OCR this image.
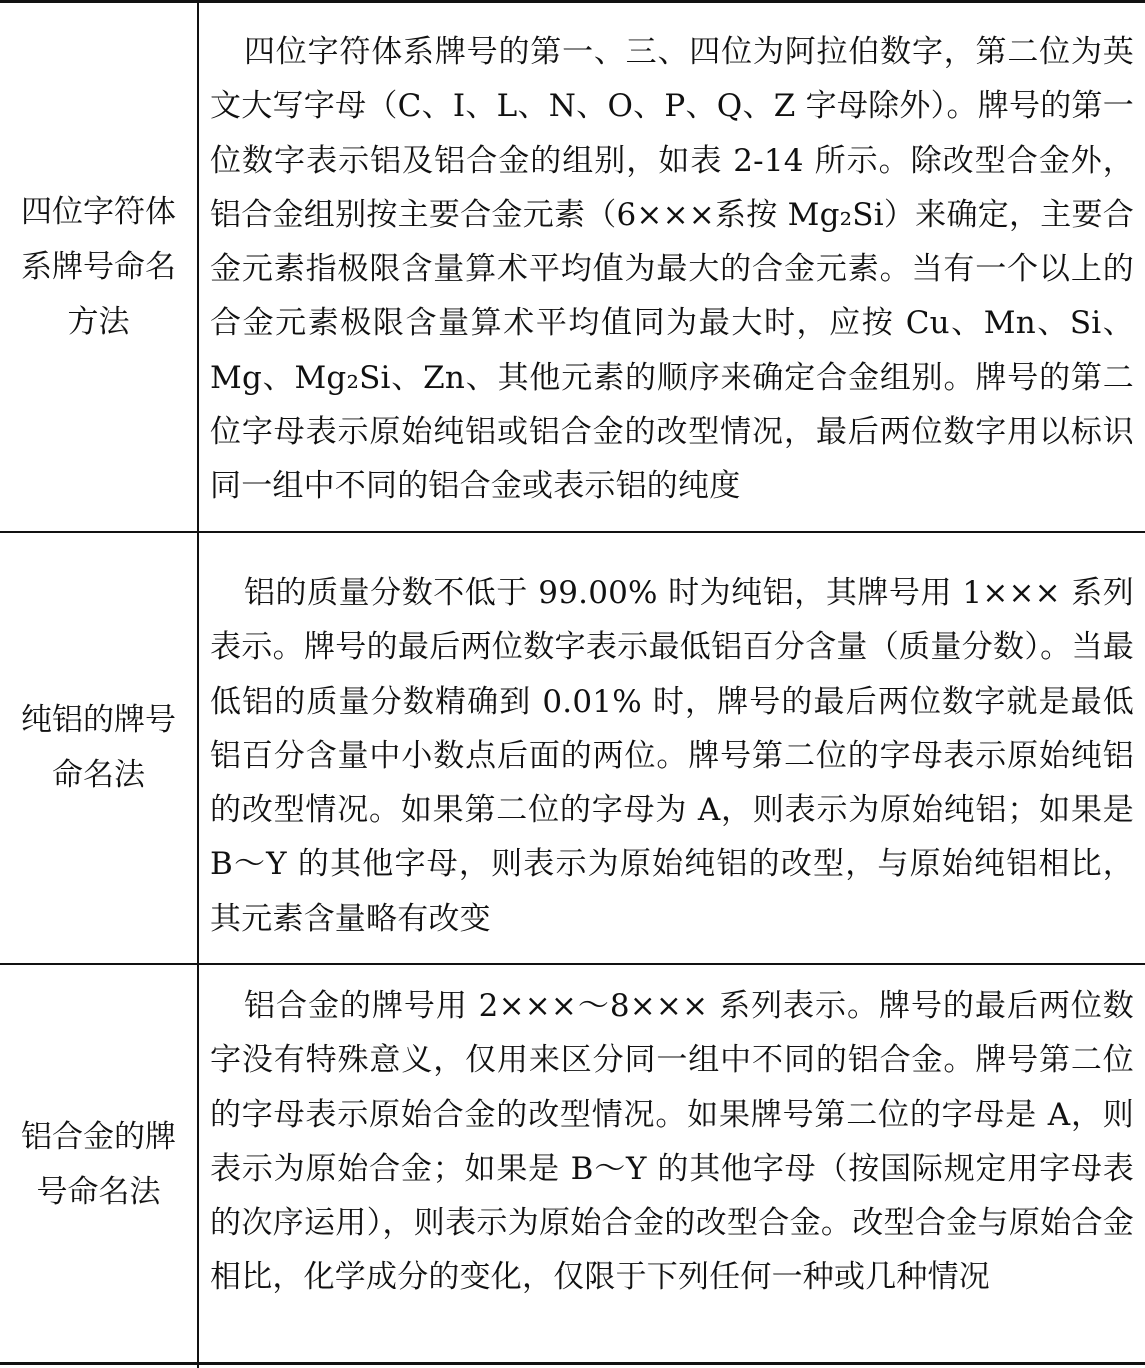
四位字符体系牌号命名方法
四位字符体系牌号的第一、三、四位为阿拉伯数字，第二位为英文大写字母（C、I、L、N、O、P、Q、Z 字母除外）。牌号的第一位数字表示铝及铝合金的组别，如表 2-14 所示。除改型合金外，铝合金组别按主要合金元素（6×××系按 Mg₂Si）来确定，主要合金元素指极限含量算术平均值为最大的合金元素。当有一个以上的合金元素极限含量算术平均值同为最大时，应按 Cu、Mn、Si、Mg、Mg₂Si、Zn、其他元素的顺序来确定合金组别。牌号的第二位字母表示原始纯铝或铝合金的改型情况，最后两位数字用以标识同一组中不同的铝合金或表示铝的纯度
纯铝的牌号命名法
铝的质量分数不低于 99.00% 时为纯铝，其牌号用 1××× 系列表示。牌号的最后两位数字表示最低铝百分含量（质量分数）。当最低铝的质量分数精确到 0.01% 时，牌号的最后两位数字就是最低铝百分含量中小数点后面的两位。牌号第二位的字母表示原始纯铝的改型情况。如果第二位的字母为 A，则表示为原始纯铝；如果是 B～Y 的其他字母，则表示为原始纯铝的改型，与原始纯铝相比，其元素含量略有改变
铝合金的牌号命名法
铝合金的牌号用 2×××～8××× 系列表示。牌号的最后两位数字没有特殊意义，仅用来区分同一组中不同的铝合金。牌号第二位的字母表示原始合金的改型情况。如果牌号第二位的字母是 A，则表示为原始合金；如果是 B～Y 的其他字母（按国际规定用字母表的次序运用），则表示为原始合金的改型合金。改型合金与原始合金相比，化学成分的变化，仅限于下列任何一种或几种情况
